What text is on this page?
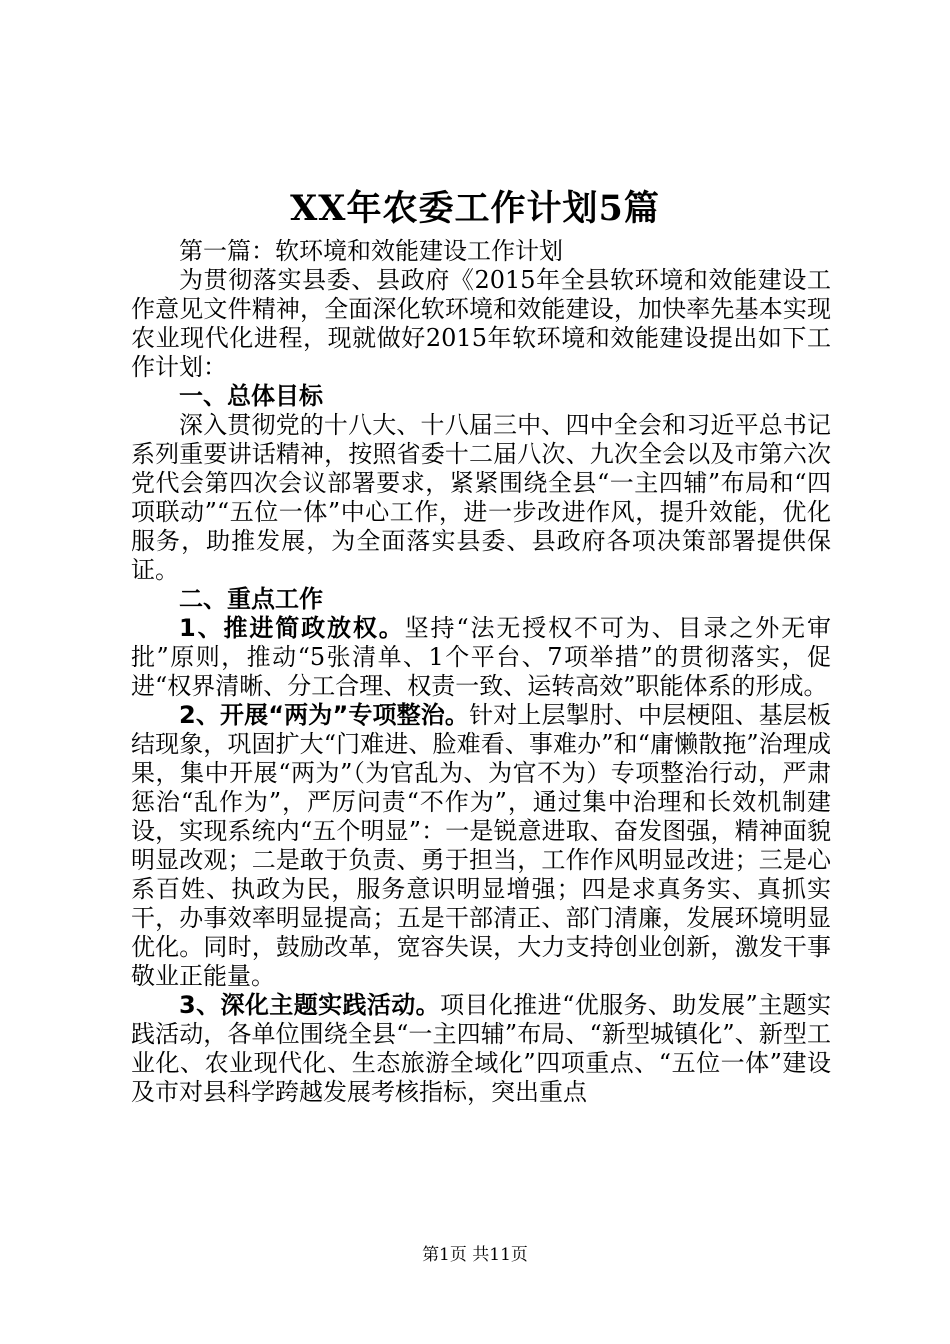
XX年农委工作计划5篇

第一篇：软环境和效能建设工作计划

为贯彻落实县委、县政府《2015年全县软环境和效能建设工作意见文件精神，全面深化软环境和效能建设，加快率先基本实现农业现代化进程，现就做好2015年软环境和效能建设提出如下工作计划：

一、总体目标

深入贯彻党的十八大、十八届三中、四中全会和习近平总书记系列重要讲话精神，按照省委十二届八次、九次全会以及市第六次党代会第四次会议部署要求，紧紧围绕全县“一主四辅”布局和“四项联动”“五位一体”中心工作，进一步改进作风，提升效能，优化服务，助推发展，为全面落实县委、县政府各项决策部署提供保证。

二、重点工作

1、推进简政放权。坚持“法无授权不可为、目录之外无审批”原则，推动“5张清单、1个平台、7项举措”的贯彻落实，促进“权界清晰、分工合理、权责一致、运转高效”职能体系的形成。

2、开展“两为”专项整治。针对上层掣肘、中层梗阻、基层板结现象，巩固扩大“门难进、脸难看、事难办”和“庸懒散拖”治理成果，集中开展“两为”（为官乱为、为官不为）专项整治行动，严肃惩治“乱作为”，严厉问责“不作为”，通过集中治理和长效机制建设，实现系统内“五个明显”：一是锐意进取、奋发图强，精神面貌明显改观；二是敢于负责、勇于担当，工作作风明显改进；三是心系百姓、执政为民，服务意识明显增强；四是求真务实、真抓实干，办事效率明显提高；五是干部清正、部门清廉，发展环境明显优化。同时，鼓励改革，宽容失误，大力支持创业创新，激发干事敬业正能量。

3、深化主题实践活动。项目化推进“优服务、助发展”主题实践活动，各单位围绕全县“一主四辅”布局、“新型城镇化”、新型工业化、农业现代化、生态旅游全域化”四项重点、“五位一体”建设及市对县科学跨越发展考核指标，突出重点

第1页 共11页
